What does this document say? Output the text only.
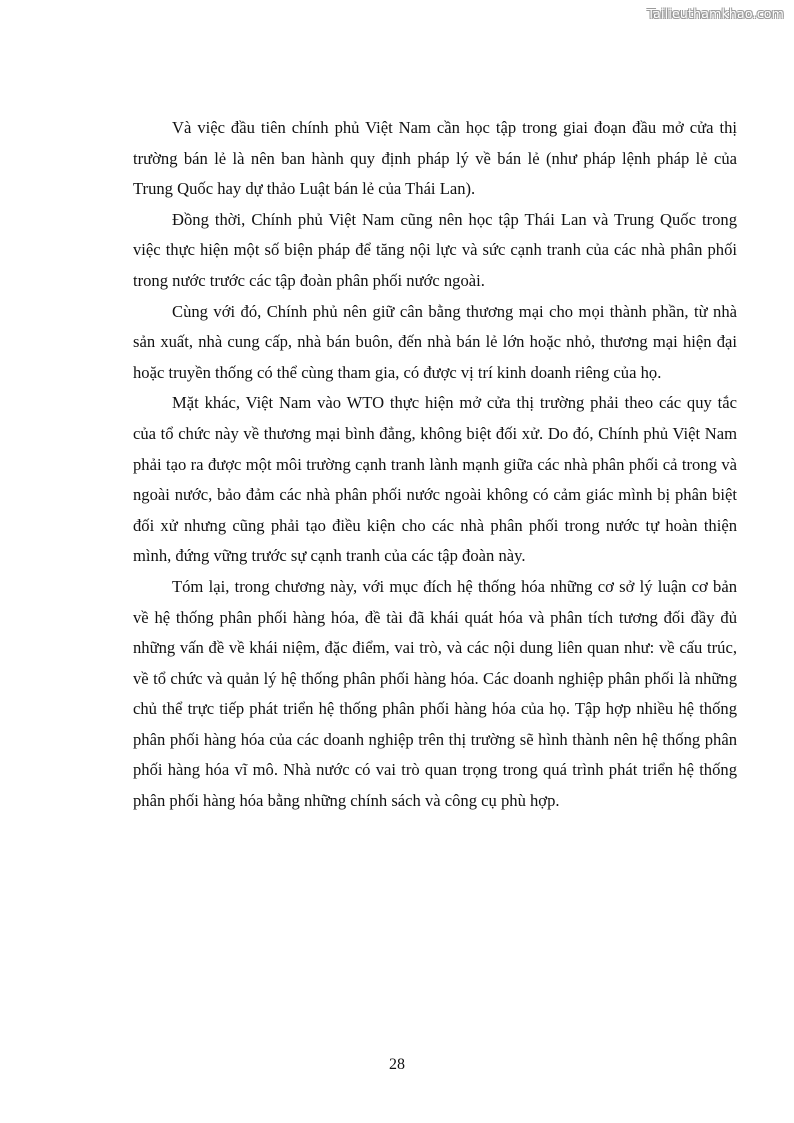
Tailieuthamkhao.com

Và việc đầu tiên chính phủ Việt Nam cần học tập trong giai đoạn đầu mở cửa thị trường bán lẻ là nên ban hành quy định pháp lý về bán lẻ (như pháp lệnh pháp lẻ của Trung Quốc hay dự thảo Luật bán lẻ của Thái Lan).

Đồng thời, Chính phủ Việt Nam cũng nên học tập Thái Lan và Trung Quốc trong việc thực hiện một số biện pháp để tăng nội lực và sức cạnh tranh của các nhà phân phối trong nước trước các tập đoàn phân phối nước ngoài.

Cùng với đó, Chính phủ nên giữ cân bằng thương mại cho mọi thành phần, từ nhà sản xuất, nhà cung cấp, nhà bán buôn, đến nhà bán lẻ lớn hoặc nhỏ, thương mại hiện đại hoặc truyền thống có thể cùng tham gia, có được vị trí kinh doanh riêng của họ.

Mặt khác, Việt Nam vào WTO thực hiện mở cửa thị trường phải theo các quy tắc của tổ chức này về thương mại bình đẳng, không biệt đối xử. Do đó, Chính phủ Việt Nam phải tạo ra được một môi trường cạnh tranh lành mạnh giữa các nhà phân phối cả trong và ngoài nước, bảo đảm các nhà phân phối nước ngoài không có cảm giác mình bị phân biệt đối xử nhưng cũng phải tạo điều kiện cho các nhà phân phối trong nước tự hoàn thiện mình, đứng vững trước sự cạnh tranh của các tập đoàn này.

Tóm lại, trong chương này, với mục đích hệ thống hóa những cơ sở lý luận cơ bản về hệ thống phân phối hàng hóa, đề tài đã khái quát hóa và phân tích tương đối đầy đủ những vấn đề về khái niệm, đặc điểm, vai trò, và các nội dung liên quan như: về cấu trúc, về tổ chức và quản lý hệ thống phân phối hàng hóa. Các doanh nghiệp phân phối là những chủ thể trực tiếp phát triển hệ thống phân phối hàng hóa của họ. Tập hợp nhiều hệ thống phân phối hàng hóa của các doanh nghiệp trên thị trường sẽ hình thành nên hệ thống phân phối hàng hóa vĩ mô. Nhà nước có vai trò quan trọng trong quá trình phát triển hệ thống phân phối hàng hóa bằng những chính sách và công cụ phù hợp.

28
